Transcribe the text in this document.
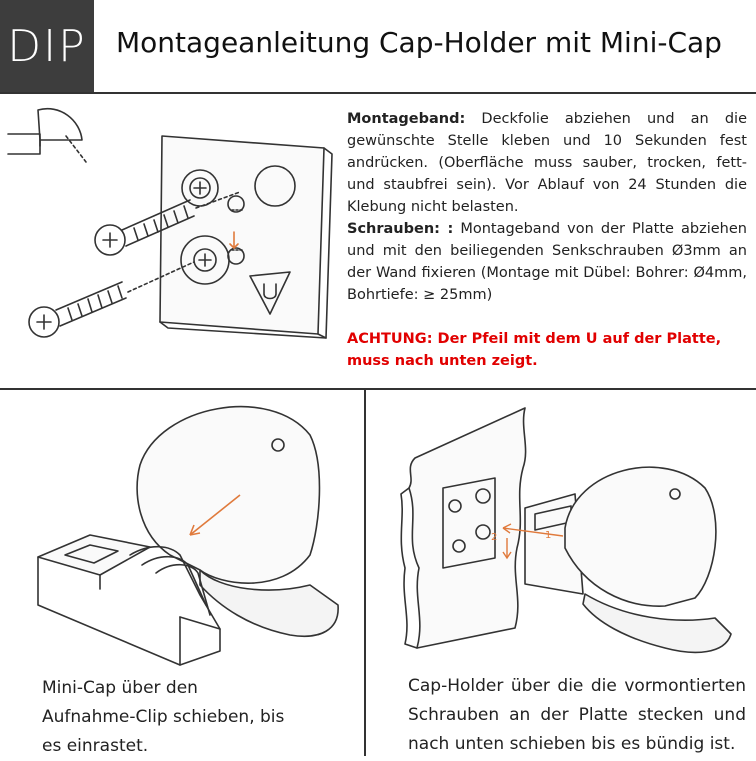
DIP Montageanleitung Cap-Holder mit Mini-Cap
Montageband: Deckfolie abziehen und an die gewünschte Stelle kleben und 10 Sekunden fest andrücken. (Oberfläche muss sauber, trocken, fett- und staubfrei sein). Vor Ablauf von 24 Stunden die Klebung nicht belasten.
Schrauben: : Montageband von der Platte abziehen und mit den beiliegenden Senkschrauben Ø3mm an der Wand fixieren (Montage mit Dübel: Bohrer: Ø4mm, Bohrtiefe: ≥ 25mm)
ACHTUNG: Der Pfeil mit dem U auf der Platte, muss nach unten zeigt.
1
2
Mini-Cap über den Aufnahme-Clip schieben, bis es einrastet.
Cap-Holder über die die vormontierten Schrauben an der Platte stecken und nach unten schieben bis es bündig ist.
